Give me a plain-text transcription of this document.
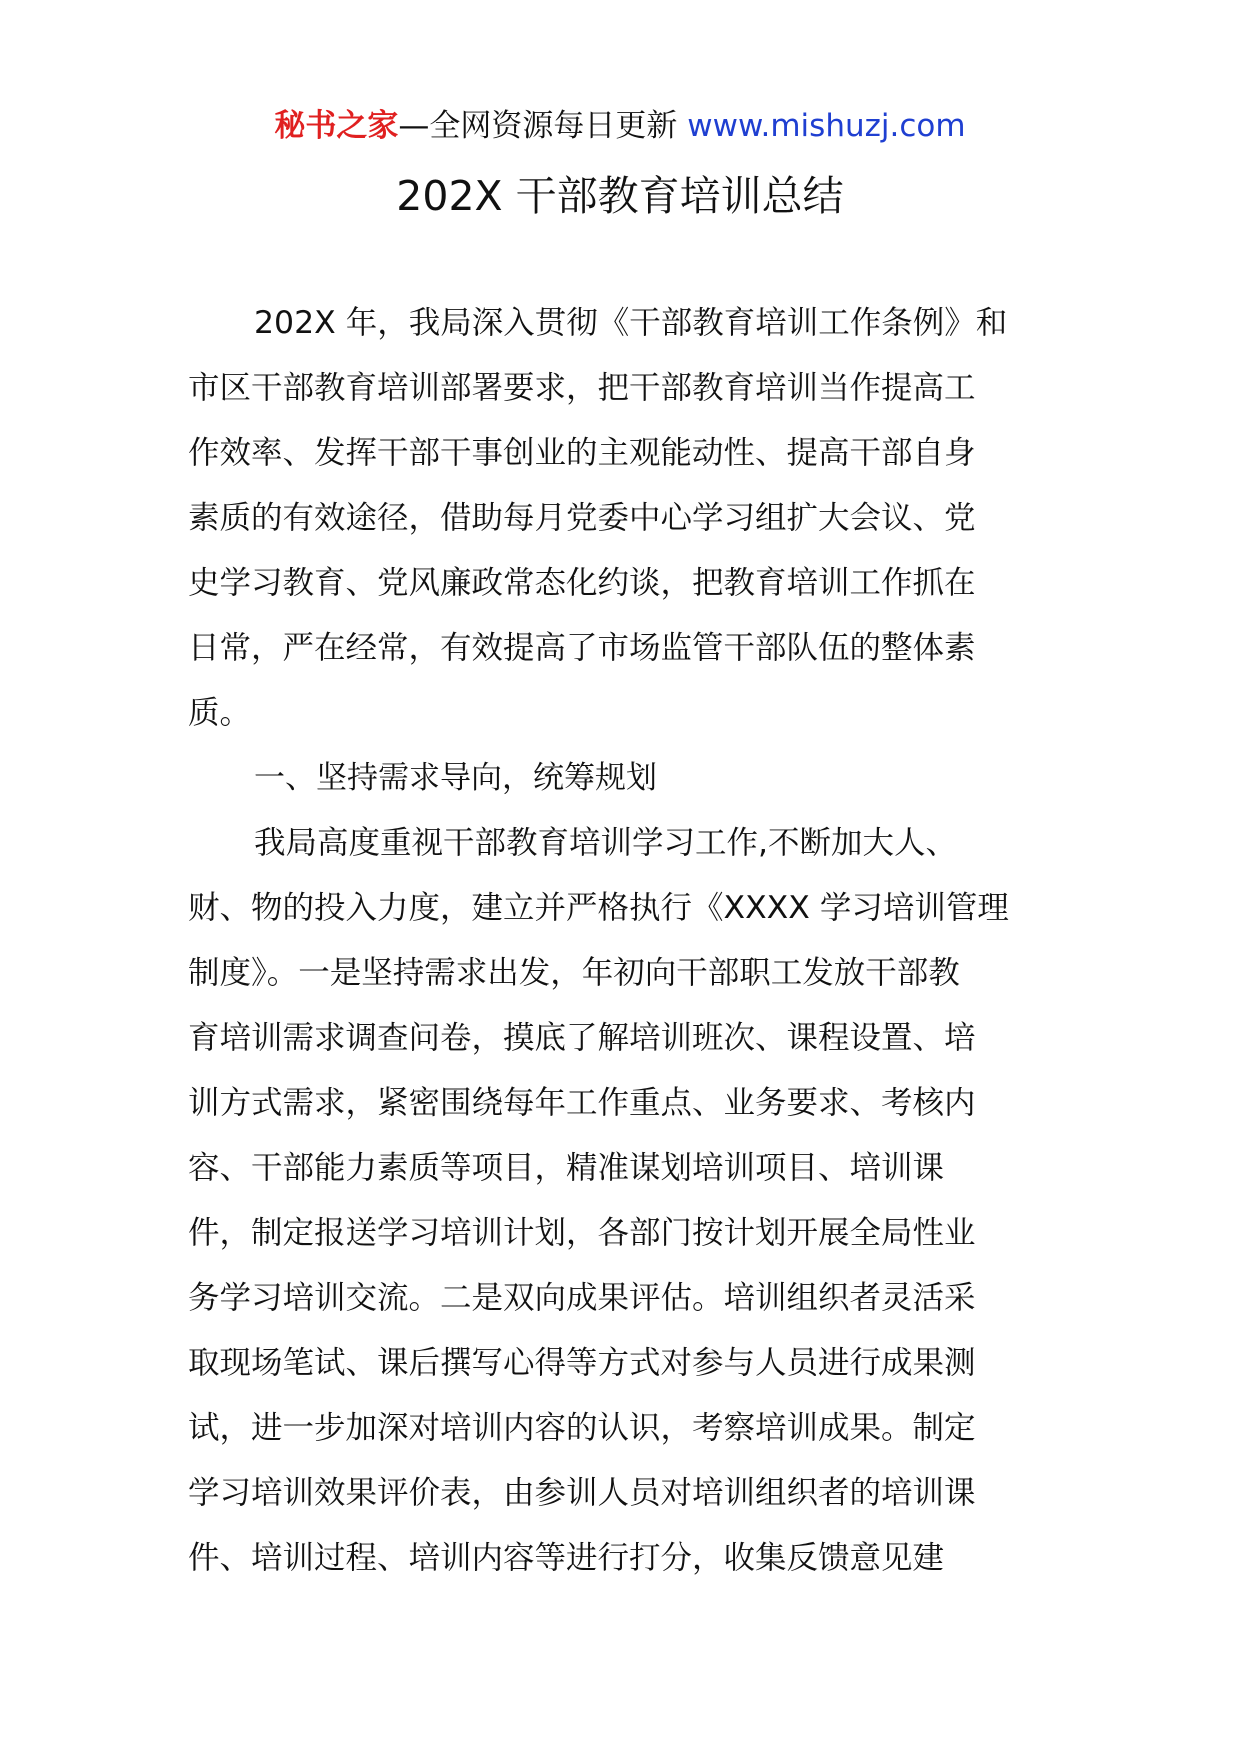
秘书之家—全网资源每日更新 www.mishuzj.com
202X 干部教育培训总结
202X 年，我局深入贯彻《干部教育培训工作条例》和
市区干部教育培训部署要求，把干部教育培训当作提高工
作效率、发挥干部干事创业的主观能动性、提高干部自身
素质的有效途径，借助每月党委中心学习组扩大会议、党
史学习教育、党风廉政常态化约谈，把教育培训工作抓在
日常，严在经常，有效提高了市场监管干部队伍的整体素
质。
一、坚持需求导向，统筹规划
我局高度重视干部教育培训学习工作,不断加大人、
财、物的投入力度，建立并严格执行《XXXX 学习培训管理
制度》。一是坚持需求出发，年初向干部职工发放干部教
育培训需求调查问卷，摸底了解培训班次、课程设置、培
训方式需求，紧密围绕每年工作重点、业务要求、考核内
容、干部能力素质等项目，精准谋划培训项目、培训课
件，制定报送学习培训计划，各部门按计划开展全局性业
务学习培训交流。二是双向成果评估。培训组织者灵活采
取现场笔试、课后撰写心得等方式对参与人员进行成果测
试，进一步加深对培训内容的认识，考察培训成果。制定
学习培训效果评价表，由参训人员对培训组织者的培训课
件、培训过程、培训内容等进行打分，收集反馈意见建
